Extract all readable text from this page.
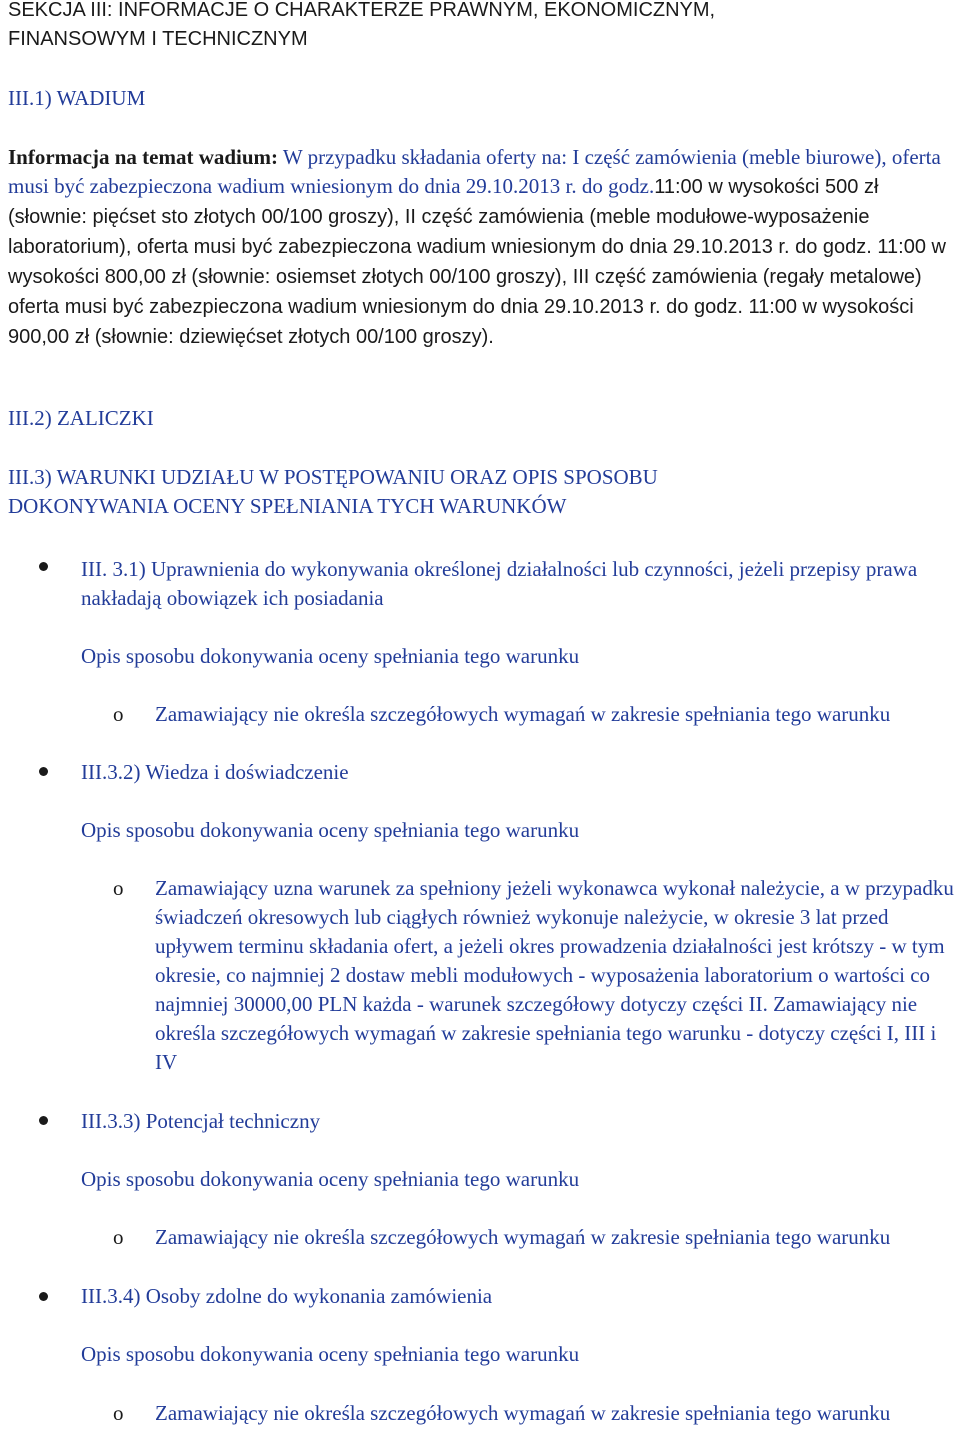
SEKCJA III: INFORMACJE O CHARAKTERZE PRAWNYM, EKONOMICZNYM,
FINANSOWYM I TECHNICZNYM
III.1) WADIUM
Informacja na temat wadium: W przypadku składania oferty na: I część zamówienia (meble biurowe), oferta musi być zabezpieczona wadium wniesionym do dnia 29.10.2013 r. do godz.11:00 w wysokości 500 zł (słownie: pięćset sto złotych 00/100 groszy), II część zamówienia (meble modułowe-wyposażenie laboratorium), oferta musi być zabezpieczona wadium wniesionym do dnia 29.10.2013 r. do godz. 11:00 w wysokości 800,00 zł (słownie: osiemset złotych 00/100 groszy), III część zamówienia (regały metalowe) oferta musi być zabezpieczona wadium wniesionym do dnia 29.10.2013 r. do godz. 11:00 w wysokości 900,00 zł (słownie: dziewięćset złotych 00/100 groszy).
III.2) ZALICZKI
III.3) WARUNKI UDZIAŁU W POSTĘPOWANIU ORAZ OPIS SPOSOBU
DOKONYWANIA OCENY SPEŁNIANIA TYCH WARUNKÓW
III. 3.1) Uprawnienia do wykonywania określonej działalności lub czynności, jeżeli przepisy prawa nakładają obowiązek ich posiadania
Opis sposobu dokonywania oceny spełniania tego warunku
o Zamawiający nie określa szczegółowych wymagań w zakresie spełniania tego warunku
III.3.2) Wiedza i doświadczenie
Opis sposobu dokonywania oceny spełniania tego warunku
o Zamawiający uzna warunek za spełniony jeżeli wykonawca wykonał należycie, a w przypadku świadczeń okresowych lub ciągłych również wykonuje należycie, w okresie 3 lat przed upływem terminu składania ofert, a jeżeli okres prowadzenia działalności jest krótszy - w tym okresie, co najmniej 2 dostaw mebli modułowych - wyposażenia laboratorium o wartości co najmniej 30000,00 PLN każda - warunek szczegółowy dotyczy części II. Zamawiający nie określa szczegółowych wymagań w zakresie spełniania tego warunku - dotyczy części I, III i IV
III.3.3) Potencjał techniczny
Opis sposobu dokonywania oceny spełniania tego warunku
o Zamawiający nie określa szczegółowych wymagań w zakresie spełniania tego warunku
III.3.4) Osoby zdolne do wykonania zamówienia
Opis sposobu dokonywania oceny spełniania tego warunku
o Zamawiający nie określa szczegółowych wymagań w zakresie spełniania tego warunku
